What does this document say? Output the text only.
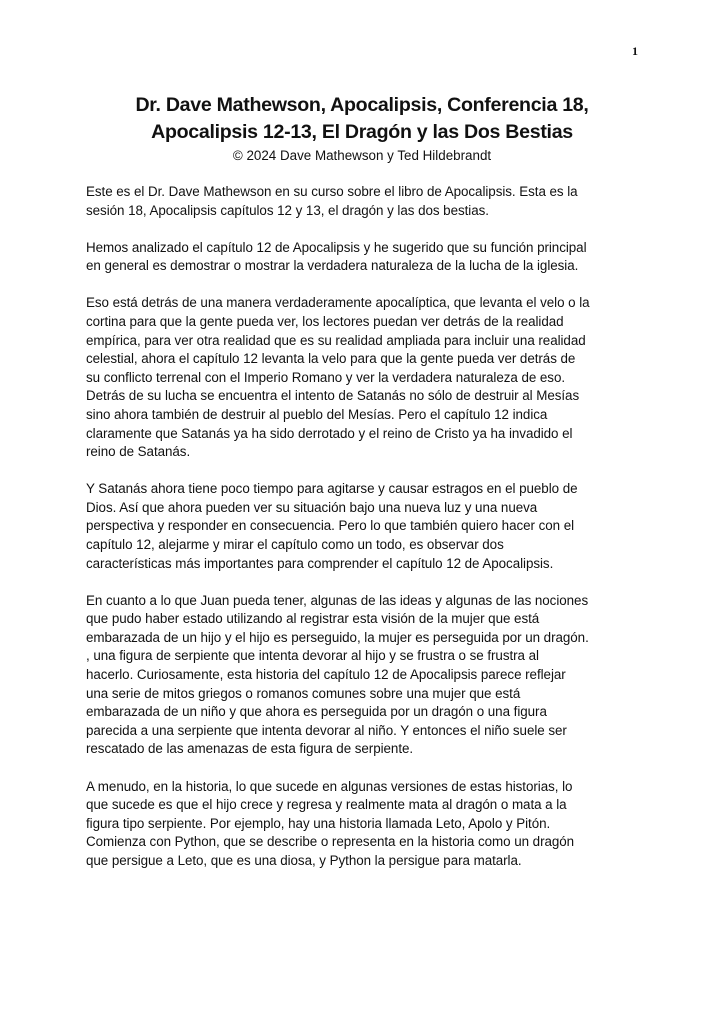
1
Dr. Dave Mathewson, Apocalipsis, Conferencia 18,
Apocalipsis 12-13, El Dragón y las Dos Bestias
© 2024 Dave Mathewson y Ted Hildebrandt
Este es el Dr. Dave Mathewson en su curso sobre el libro de Apocalipsis. Esta es la
sesión 18, Apocalipsis capítulos 12 y 13, el dragón y las dos bestias.
Hemos analizado el capítulo 12 de Apocalipsis y he sugerido que su función principal
en general es demostrar o mostrar la verdadera naturaleza de la lucha de la iglesia.
Eso está detrás de una manera verdaderamente apocalíptica, que levanta el velo o la
cortina para que la gente pueda ver, los lectores puedan ver detrás de la realidad
empírica, para ver otra realidad que es su realidad ampliada para incluir una realidad
celestial, ahora el capítulo 12 levanta la velo para que la gente pueda ver detrás de
su conflicto terrenal con el Imperio Romano y ver la verdadera naturaleza de eso.
Detrás de su lucha se encuentra el intento de Satanás no sólo de destruir al Mesías
sino ahora también de destruir al pueblo del Mesías. Pero el capítulo 12 indica
claramente que Satanás ya ha sido derrotado y el reino de Cristo ya ha invadido el
reino de Satanás.
Y Satanás ahora tiene poco tiempo para agitarse y causar estragos en el pueblo de
Dios. Así que ahora pueden ver su situación bajo una nueva luz y una nueva
perspectiva y responder en consecuencia. Pero lo que también quiero hacer con el
capítulo 12, alejarme y mirar el capítulo como un todo, es observar dos
características más importantes para comprender el capítulo 12 de Apocalipsis.
En cuanto a lo que Juan pueda tener, algunas de las ideas y algunas de las nociones
que pudo haber estado utilizando al registrar esta visión de la mujer que está
embarazada de un hijo y el hijo es perseguido, la mujer es perseguida por un dragón.
, una figura de serpiente que intenta devorar al hijo y se frustra o se frustra al
hacerlo. Curiosamente, esta historia del capítulo 12 de Apocalipsis parece reflejar
una serie de mitos griegos o romanos comunes sobre una mujer que está
embarazada de un niño y que ahora es perseguida por un dragón o una figura
parecida a una serpiente que intenta devorar al niño. Y entonces el niño suele ser
rescatado de las amenazas de esta figura de serpiente.
A menudo, en la historia, lo que sucede en algunas versiones de estas historias, lo
que sucede es que el hijo crece y regresa y realmente mata al dragón o mata a la
figura tipo serpiente. Por ejemplo, hay una historia llamada Leto, Apolo y Pitón.
Comienza con Python, que se describe o representa en la historia como un dragón
que persigue a Leto, que es una diosa, y Python la persigue para matarla.
